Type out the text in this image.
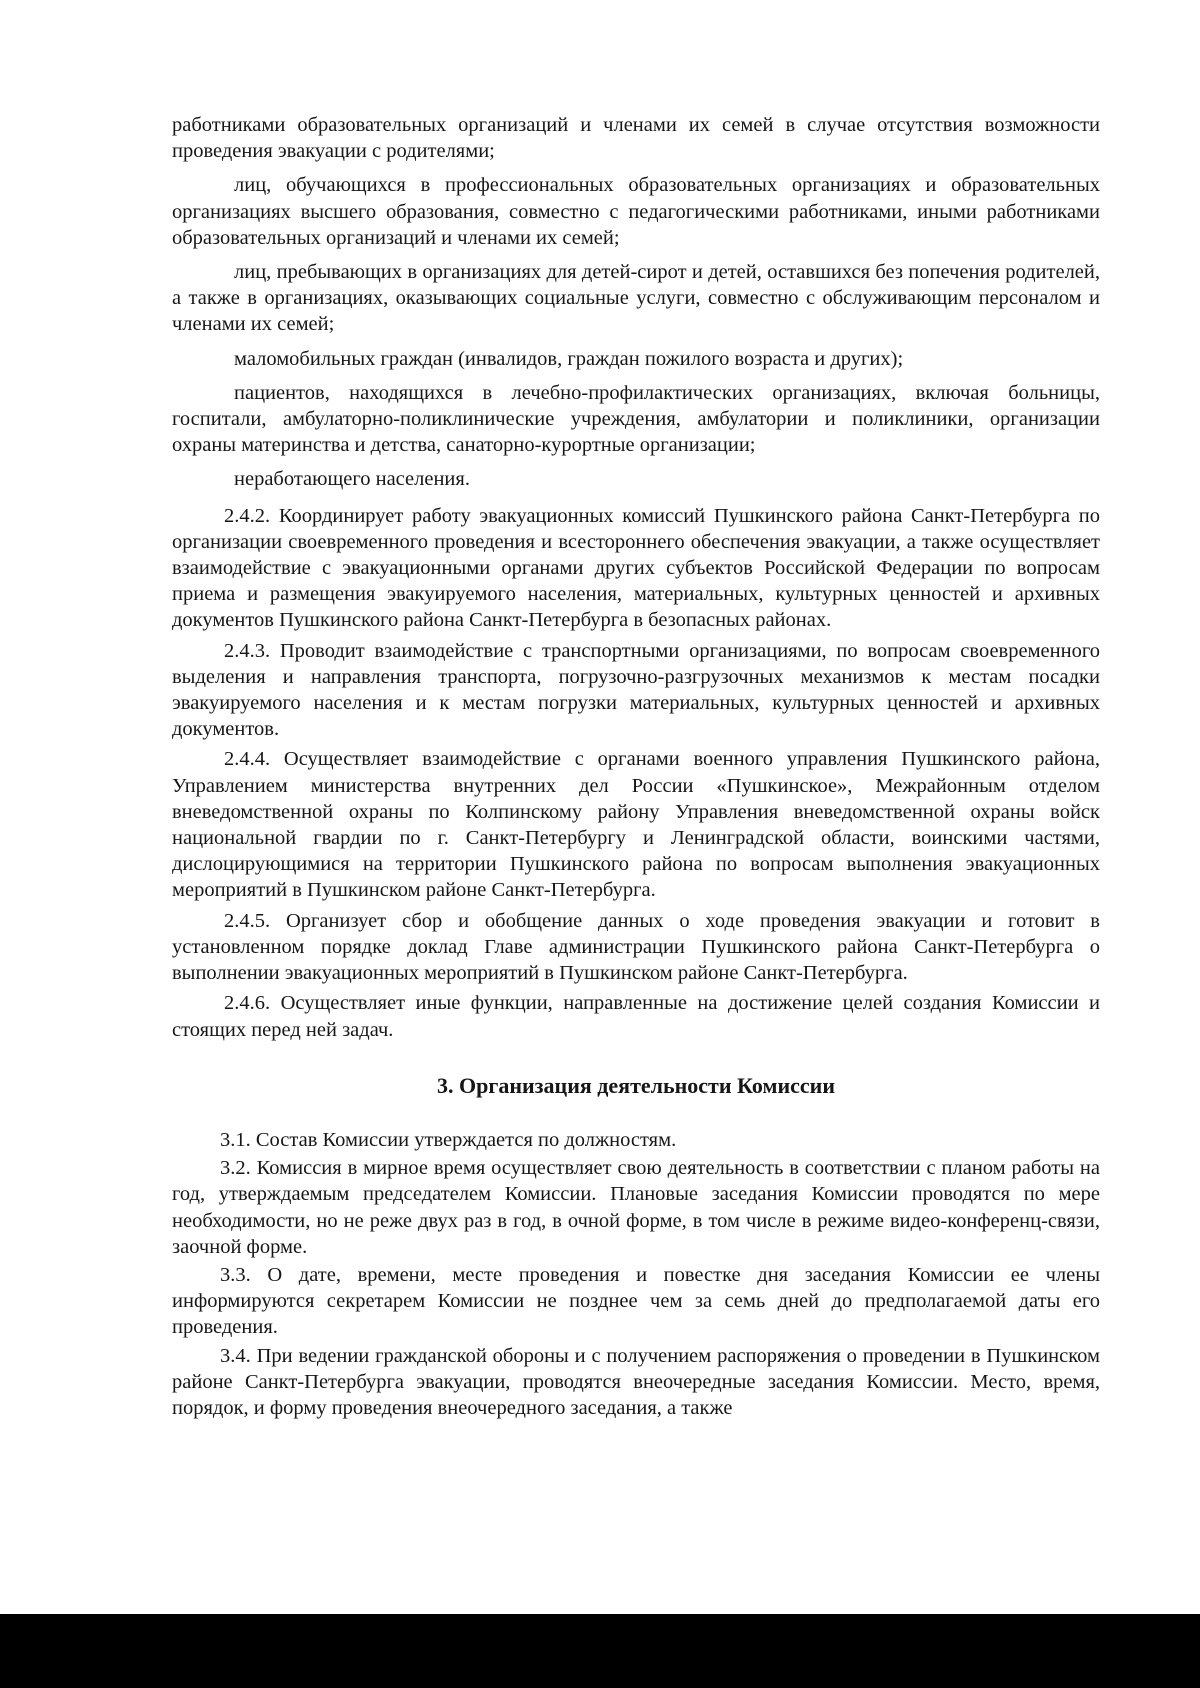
работниками образовательных организаций и членами их семей в случае отсутствия возможности проведения эвакуации с родителями;

лиц, обучающихся в профессиональных образовательных организациях и образовательных организациях высшего образования, совместно с педагогическими работниками, иными работниками образовательных организаций и членами их семей;

лиц, пребывающих в организациях для детей-сирот и детей, оставшихся без попечения родителей, а также в организациях, оказывающих социальные услуги, совместно с обслуживающим персоналом и членами их семей;

маломобильных граждан (инвалидов, граждан пожилого возраста и других);

пациентов, находящихся в лечебно-профилактических организациях, включая больницы, госпитали, амбулаторно-поликлинические учреждения, амбулатории и поликлиники, организации охраны материнства и детства, санаторно-курортные организации;

неработающего населения.

2.4.2. Координирует работу эвакуационных комиссий Пушкинского района Санкт-Петербурга по организации своевременного проведения и всестороннего обеспечения эвакуации, а также осуществляет взаимодействие с эвакуационными органами других субъектов Российской Федерации по вопросам приема и размещения эвакуируемого населения, материальных, культурных ценностей и архивных документов Пушкинского района Санкт-Петербурга в безопасных районах.

2.4.3. Проводит взаимодействие с транспортными организациями, по вопросам своевременного выделения и направления транспорта, погрузочно-разгрузочных механизмов к местам посадки эвакуируемого населения и к местам погрузки материальных, культурных ценностей и архивных документов.

2.4.4. Осуществляет взаимодействие с органами военного управления Пушкинского района, Управлением министерства внутренних дел России «Пушкинское», Межрайонным отделом вневедомственной охраны по Колпинскому району Управления вневедомственной охраны войск национальной гвардии по г. Санкт-Петербургу и Ленинградской области, воинскими частями, дислоцирующимися на территории Пушкинского района по вопросам выполнения эвакуационных мероприятий в Пушкинском районе Санкт-Петербурга.

2.4.5. Организует сбор и обобщение данных о ходе проведения эвакуации и готовит в установленном порядке доклад Главе администрации Пушкинского района Санкт-Петербурга о выполнении эвакуационных мероприятий в Пушкинском районе Санкт-Петербурга.

2.4.6. Осуществляет иные функции, направленные на достижение целей создания Комиссии и стоящих перед ней задач.

3. Организация деятельности Комиссии

3.1. Состав Комиссии утверждается по должностям.

3.2. Комиссия в мирное время осуществляет свою деятельность в соответствии с планом работы на год, утверждаемым председателем Комиссии. Плановые заседания Комиссии проводятся по мере необходимости, но не реже двух раз в год, в очной форме, в том числе в режиме видео-конференц-связи, заочной форме.

3.3. О дате, времени, месте проведения и повестке дня заседания Комиссии ее члены информируются секретарем Комиссии не позднее чем за семь дней до предполагаемой даты его проведения.

3.4. При ведении гражданской обороны и с получением распоряжения о проведении в Пушкинском районе Санкт-Петербурга эвакуации, проводятся внеочередные заседания Комиссии. Место, время, порядок, и форму проведения внеочередного заседания, а также
